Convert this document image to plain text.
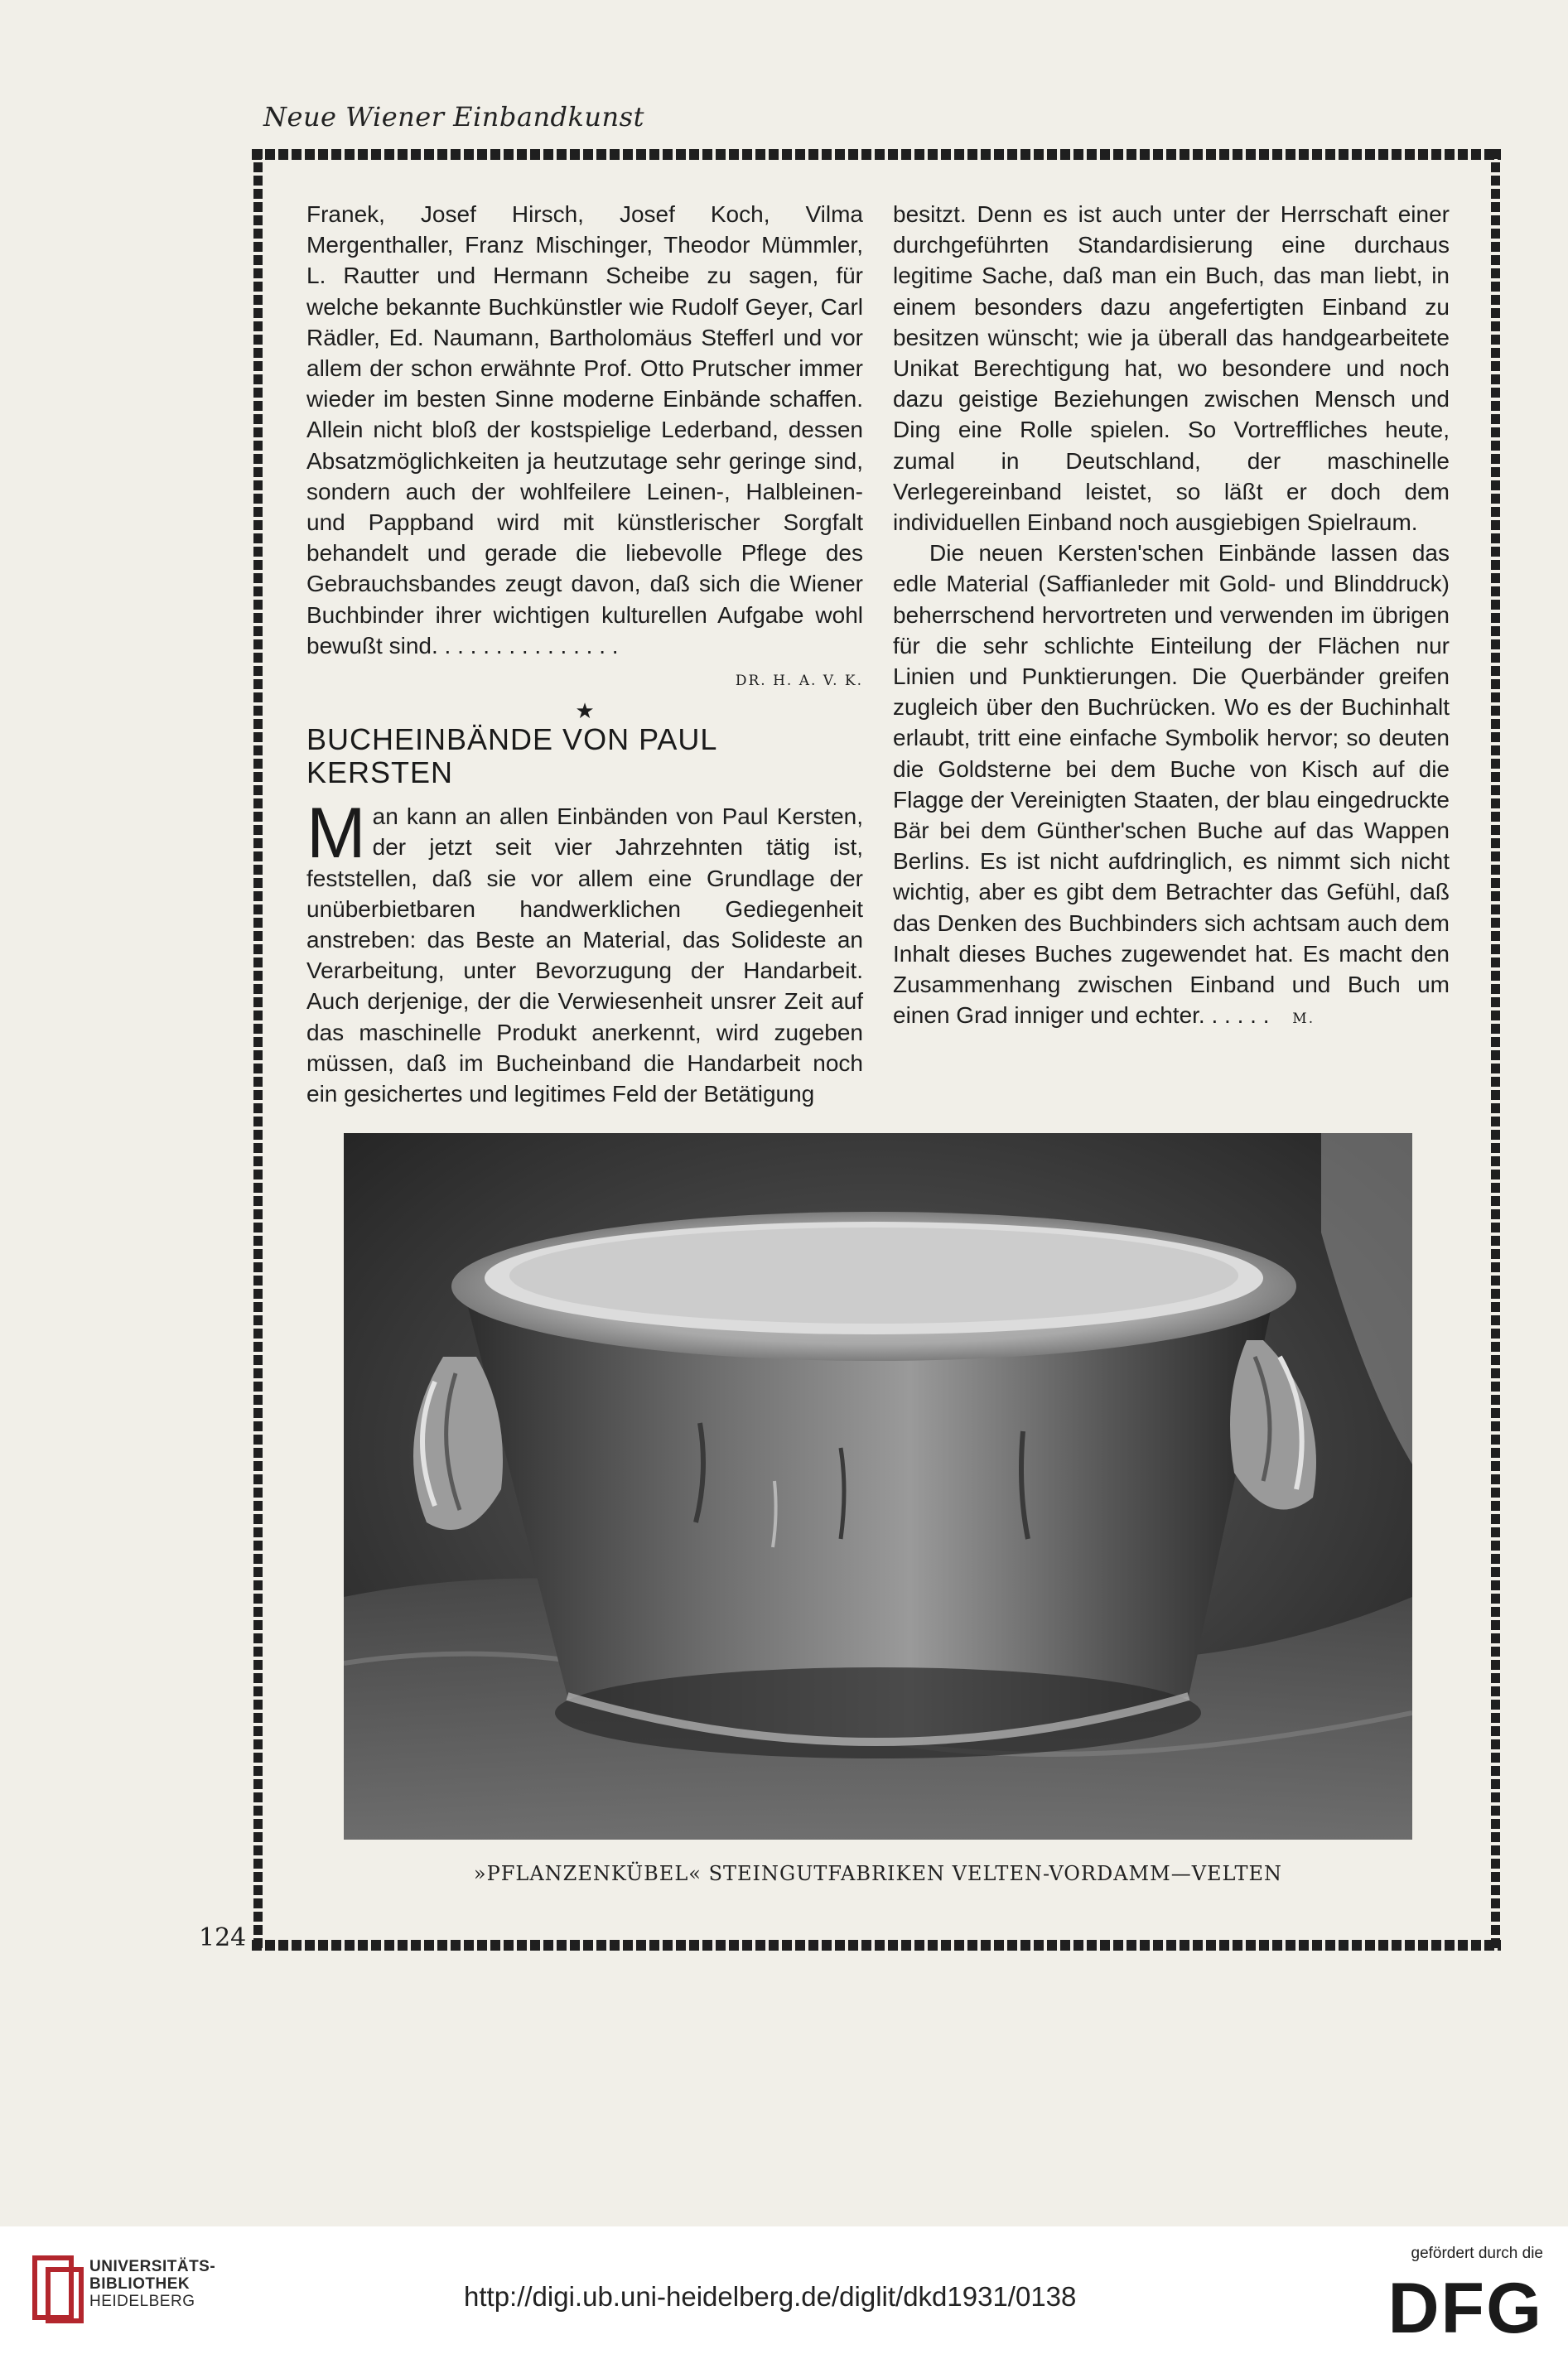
Neue Wiener Einbandkunst

Franek, Josef Hirsch, Josef Koch, Vilma Mergenthaller, Franz Mischinger, Theodor Mümmler, L. Rautter und Hermann Scheibe zu sagen, für welche bekannte Buchkünstler wie Rudolf Geyer, Carl Rädler, Ed. Naumann, Bartholomäus Stefferl und vor allem der schon erwähnte Prof. Otto Prutscher immer wieder im besten Sinne moderne Einbände schaffen. Allein nicht bloß der kostspielige Lederband, dessen Absatzmöglichkeiten ja heutzutage sehr geringe sind, sondern auch der wohlfeilere Leinen-, Halbleinen- und Pappband wird mit künstlerischer Sorgfalt behandelt und gerade die liebevolle Pflege des Gebrauchsbandes zeugt davon, daß sich die Wiener Buchbinder ihrer wichtigen kulturellen Aufgabe wohl bewußt sind. . . . . . . . . . . . . . .

DR. H. A. V. K.
★
BUCHEINBÄNDE VON PAUL KERSTEN

M an kann an allen Einbänden von Paul Kersten, der jetzt seit vier Jahrzehnten tätig ist, feststellen, daß sie vor allem eine Grundlage der unüberbietbaren handwerklichen Gediegenheit anstreben: das Beste an Material, das Solideste an Verarbeitung, unter Bevorzugung der Handarbeit. Auch derjenige, der die Verwiesenheit unsrer Zeit auf das maschinelle Produkt anerkennt, wird zugeben müssen, daß im Bucheinband die Handarbeit noch ein gesichertes und legitimes Feld der Betätigung

besitzt. Denn es ist auch unter der Herrschaft einer durchgeführten Standardisierung eine durchaus legitime Sache, daß man ein Buch, das man liebt, in einem besonders dazu angefertigten Einband zu besitzen wünscht; wie ja überall das handgearbeitete Unikat Berechtigung hat, wo besondere und noch dazu geistige Beziehungen zwischen Mensch und Ding eine Rolle spielen. So Vortreffliches heute, zumal in Deutschland, der maschinelle Verlegereinband leistet, so läßt er doch dem individuellen Einband noch ausgiebigen Spielraum.

Die neuen Kersten'schen Einbände lassen das edle Material (Saffianleder mit Gold- und Blinddruck) beherrschend hervortreten und verwenden im übrigen für die sehr schlichte Einteilung der Flächen nur Linien und Punktierungen. Die Querbänder greifen zugleich über den Buchrücken. Wo es der Buchinhalt erlaubt, tritt eine einfache Symbolik hervor; so deuten die Goldsterne bei dem Buche von Kisch auf die Flagge der Vereinigten Staaten, der blau eingedruckte Bär bei dem Günther'schen Buche auf das Wappen Berlins. Es ist nicht aufdringlich, es nimmt sich nicht wichtig, aber es gibt dem Betrachter das Gefühl, daß das Denken des Buchbinders sich achtsam auch dem Inhalt dieses Buches zugewendet hat. Es macht den Zusammenhang zwischen Einband und Buch um einen Grad inniger und echter. . . . . . M.

»PFLANZENKÜBEL« STEINGUTFABRIKEN VELTEN-VORDAMM—VELTEN
124
UNIVERSITÄTS-
BIBLIOTHEK
HEIDELBERG	http://digi.ub.uni-heidelberg.de/diglit/dkd1931/0138
gefördert durch die
DFG
